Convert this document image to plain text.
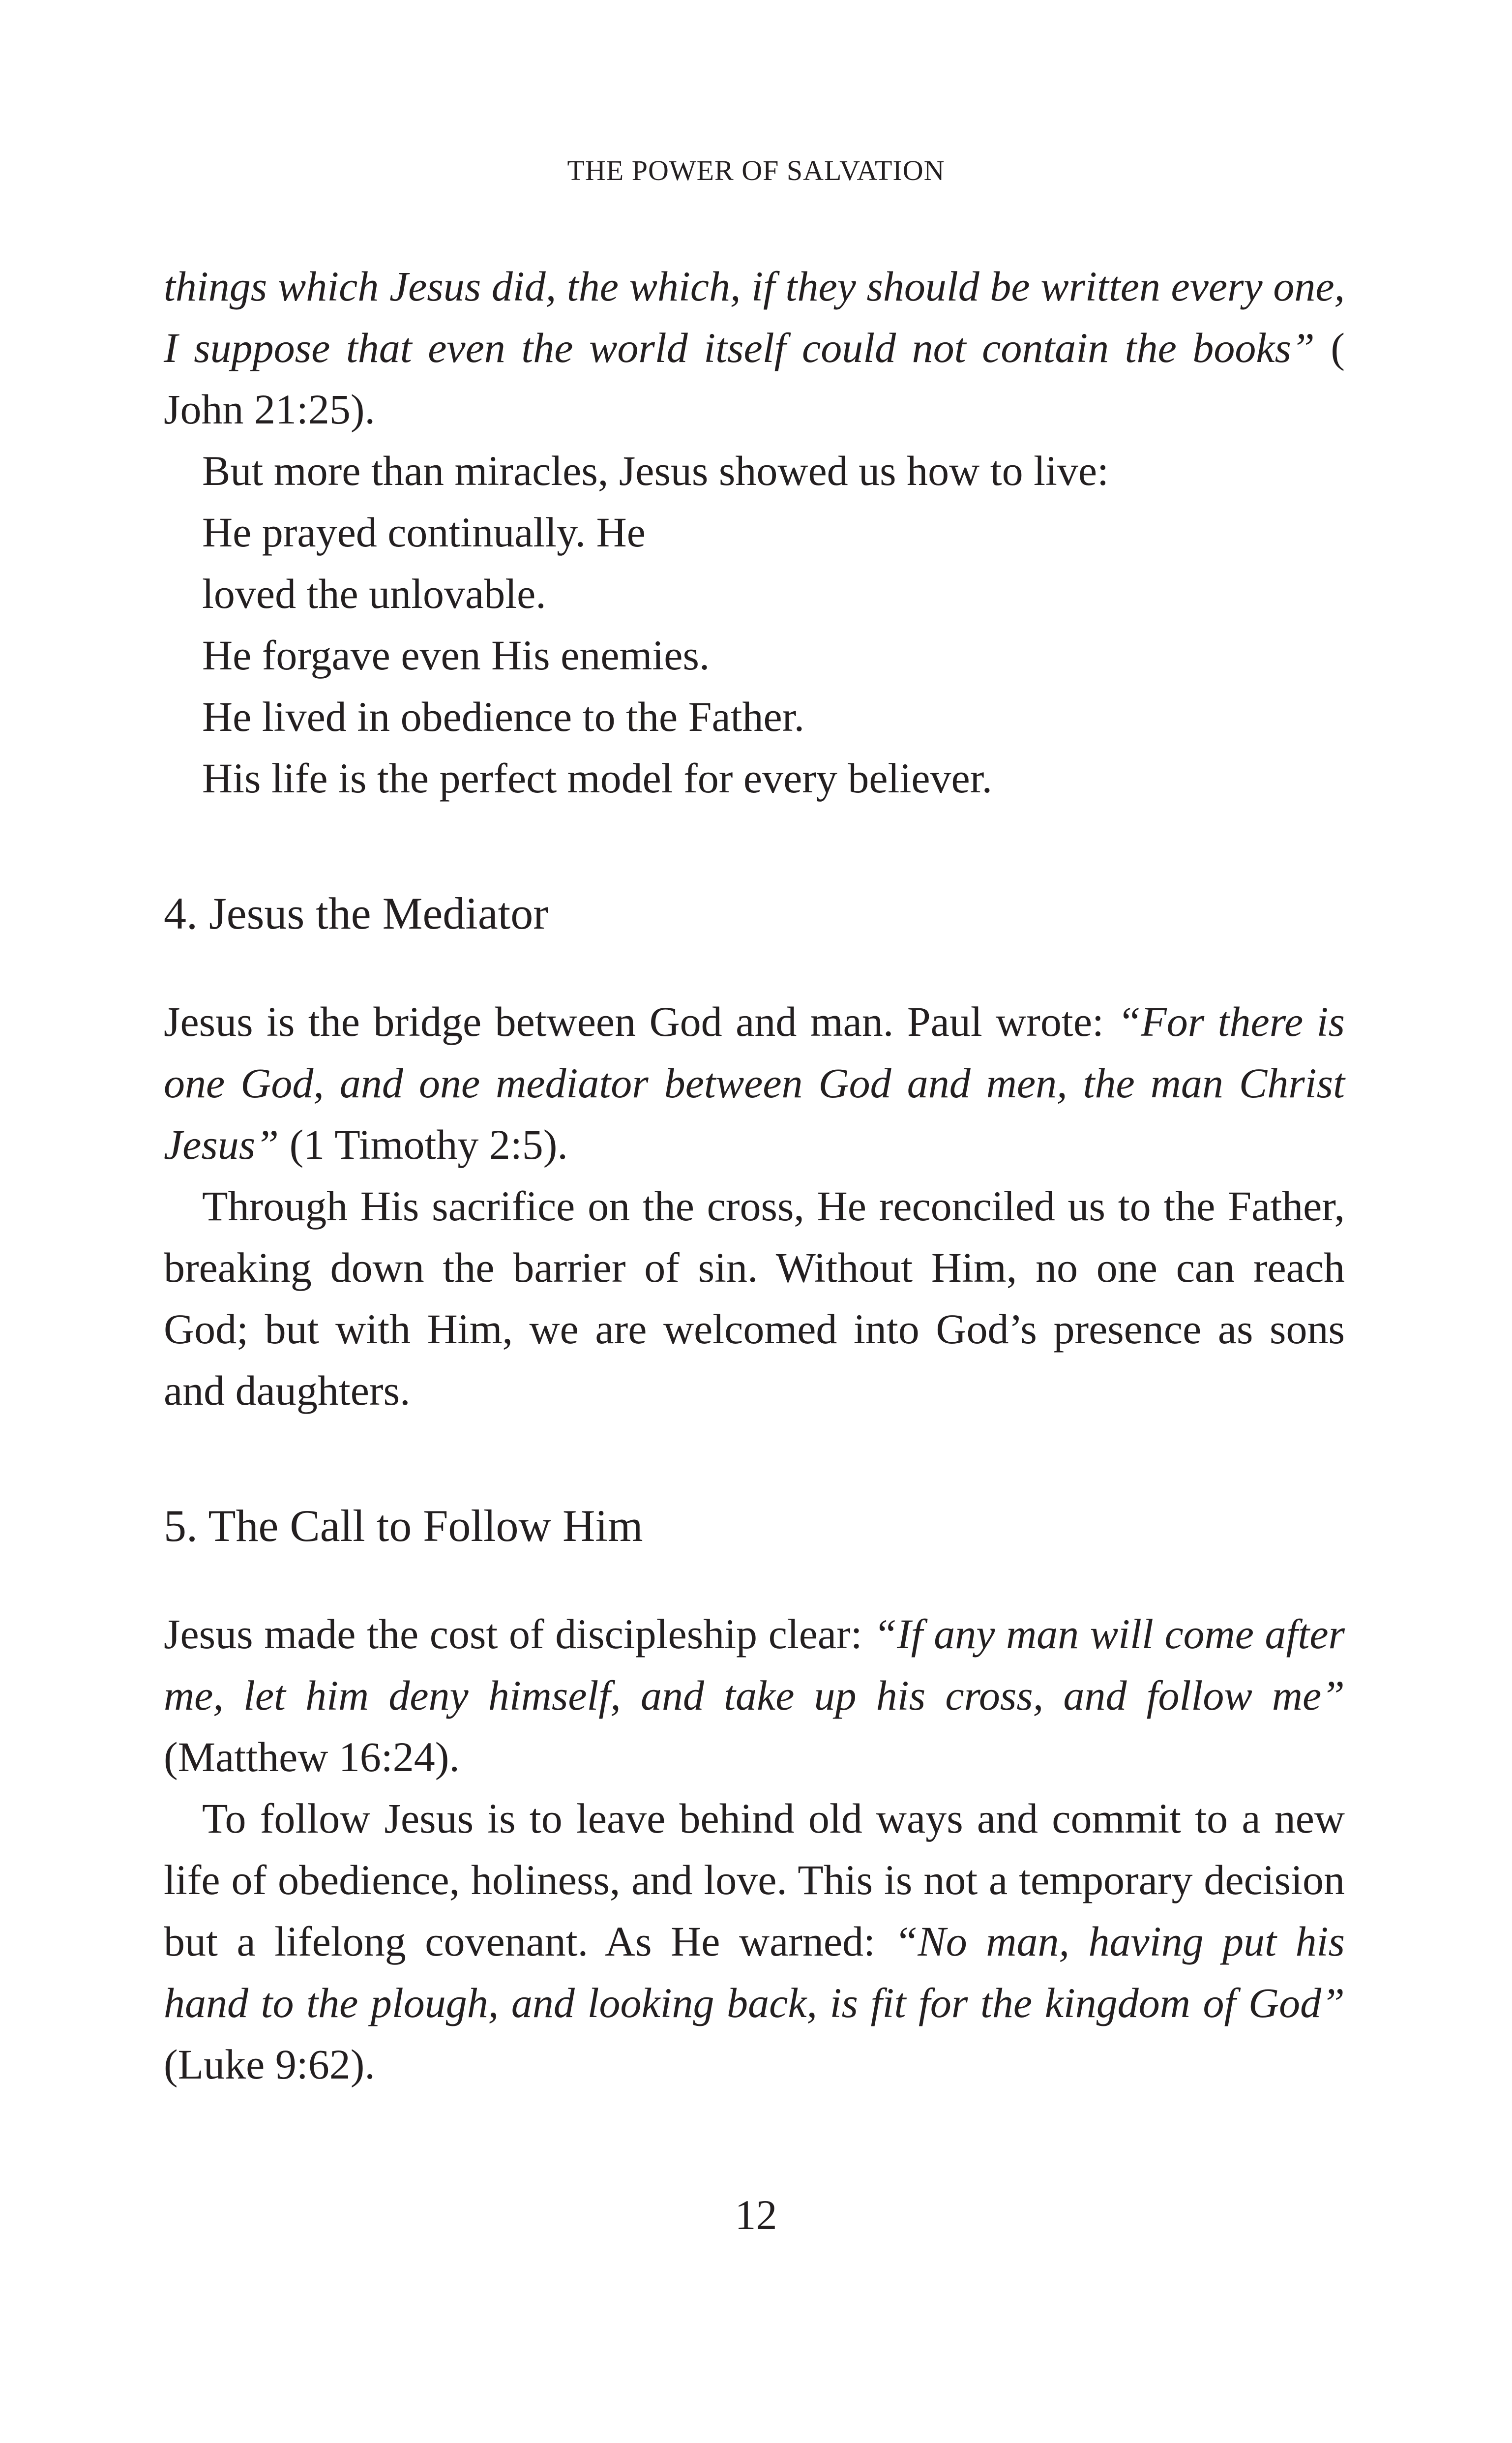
THE POWER OF SALVATION

things which Jesus did, the which, if they should be written every one, I suppose that even the world itself could not contain the books” ( John 21:25).

But more than miracles, Jesus showed us how to live:

He prayed continually. He

loved the unlovable.

He forgave even His enemies.

He lived in obedience to the Father.

His life is the perfect model for every believer.

4. Jesus the Mediator

Jesus is the bridge between God and man. Paul wrote: “For there is one God, and one mediator between God and men, the man Christ Jesus” (1 Timothy 2:5).

Through His sacrifice on the cross, He reconciled us to the Father, breaking down the barrier of sin. Without Him, no one can reach God; but with Him, we are welcomed into God’s presence as sons and daughters.

5. The Call to Follow Him

Jesus made the cost of discipleship clear: “If any man will come after me, let him deny himself, and take up his cross, and follow me” (Matthew 16:24).

To follow Jesus is to leave behind old ways and commit to a new life of obedience, holiness, and love. This is not a temporary decision but a lifelong covenant. As He warned: “No man, having put his hand to the plough, and looking back, is fit for the kingdom of God” (Luke 9:62).

12
